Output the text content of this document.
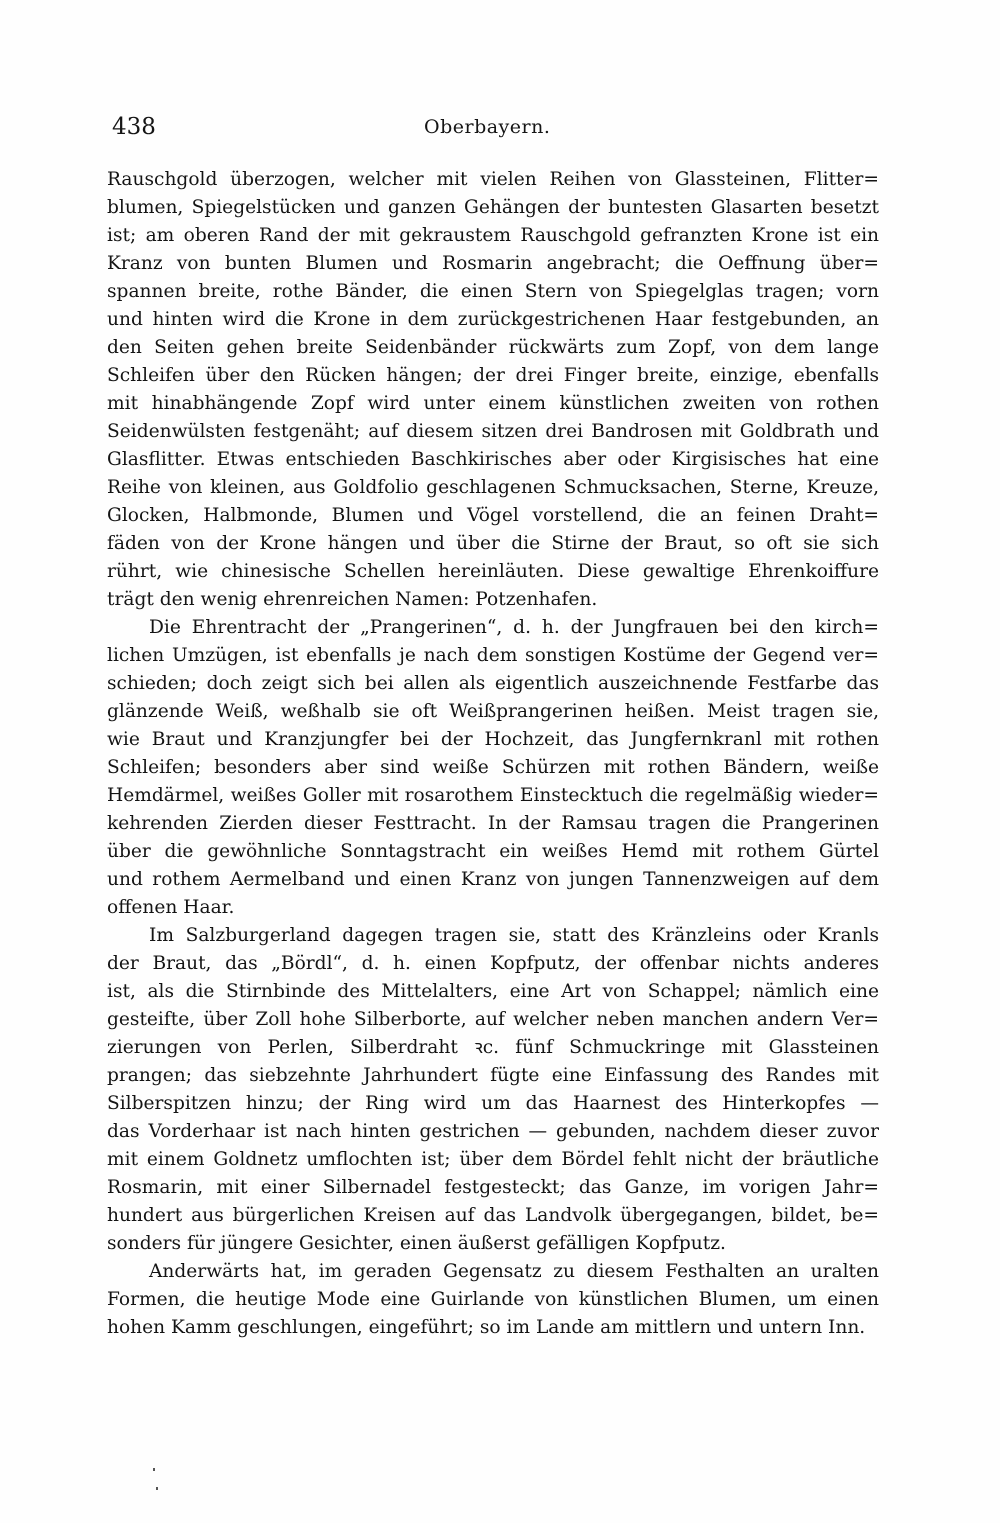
438	Oberbayern.
Rauschgold überzogen, welcher mit vielen Reihen von Glassteinen, Flitter=
blumen, Spiegelstücken und ganzen Gehängen der buntesten Glasarten besetzt
ist; am oberen Rand der mit gekraustem Rauschgold gefranzten Krone ist ein
Kranz von bunten Blumen und Rosmarin angebracht; die Oeffnung über=
spannen breite, rothe Bänder, die einen Stern von Spiegelglas tragen; vorn
und hinten wird die Krone in dem zurückgestrichenen Haar festgebunden, an
den Seiten gehen breite Seidenbänder rückwärts zum Zopf, von dem lange
Schleifen über den Rücken hängen; der drei Finger breite, einzige, ebenfalls
mit hinabhängende Zopf wird unter einem künstlichen zweiten von rothen
Seidenwülsten festgenäht; auf diesem sitzen drei Bandrosen mit Goldbrath und
Glasflitter. Etwas entschieden Baschkirisches aber oder Kirgisisches hat eine
Reihe von kleinen, aus Goldfolio geschlagenen Schmucksachen, Sterne, Kreuze,
Glocken, Halbmonde, Blumen und Vögel vorstellend, die an feinen Draht=
fäden von der Krone hängen und über die Stirne der Braut, so oft sie sich
rührt, wie chinesische Schellen hereinläuten. Diese gewaltige Ehrenkoiffure
trägt den wenig ehrenreichen Namen: Potzenhafen.
Die Ehrentracht der „Prangerinen“, d. h. der Jungfrauen bei den kirch=
lichen Umzügen, ist ebenfalls je nach dem sonstigen Kostüme der Gegend ver=
schieden; doch zeigt sich bei allen als eigentlich auszeichnende Festfarbe das
glänzende Weiß, weßhalb sie oft Weißprangerinen heißen. Meist tragen sie,
wie Braut und Kranzjungfer bei der Hochzeit, das Jungfernkranl mit rothen
Schleifen; besonders aber sind weiße Schürzen mit rothen Bändern, weiße
Hemdärmel, weißes Goller mit rosarothem Einstecktuch die regelmäßig wieder=
kehrenden Zierden dieser Festtracht. In der Ramsau tragen die Prangerinen
über die gewöhnliche Sonntagstracht ein weißes Hemd mit rothem Gürtel
und rothem Aermelband und einen Kranz von jungen Tannenzweigen auf dem
offenen Haar.
Im Salzburgerland dagegen tragen sie, statt des Kränzleins oder Kranls
der Braut, das „Bördl“, d. h. einen Kopfputz, der offenbar nichts anderes
ist, als die Stirnbinde des Mittelalters, eine Art von Schappel; nämlich eine
gesteifte, über Zoll hohe Silberborte, auf welcher neben manchen andern Ver=
zierungen von Perlen, Silberdraht ꝛc. fünf Schmuckringe mit Glassteinen
prangen; das siebzehnte Jahrhundert fügte eine Einfassung des Randes mit
Silberspitzen hinzu; der Ring wird um das Haarnest des Hinterkopfes —
das Vorderhaar ist nach hinten gestrichen — gebunden, nachdem dieser zuvor
mit einem Goldnetz umflochten ist; über dem Bördel fehlt nicht der bräutliche
Rosmarin, mit einer Silbernadel festgesteckt; das Ganze, im vorigen Jahr=
hundert aus bürgerlichen Kreisen auf das Landvolk übergegangen, bildet, be=
sonders für jüngere Gesichter, einen äußerst gefälligen Kopfputz.
Anderwärts hat, im geraden Gegensatz zu diesem Festhalten an uralten
Formen, die heutige Mode eine Guirlande von künstlichen Blumen, um einen
hohen Kamm geschlungen, eingeführt; so im Lande am mittlern und untern Inn.
